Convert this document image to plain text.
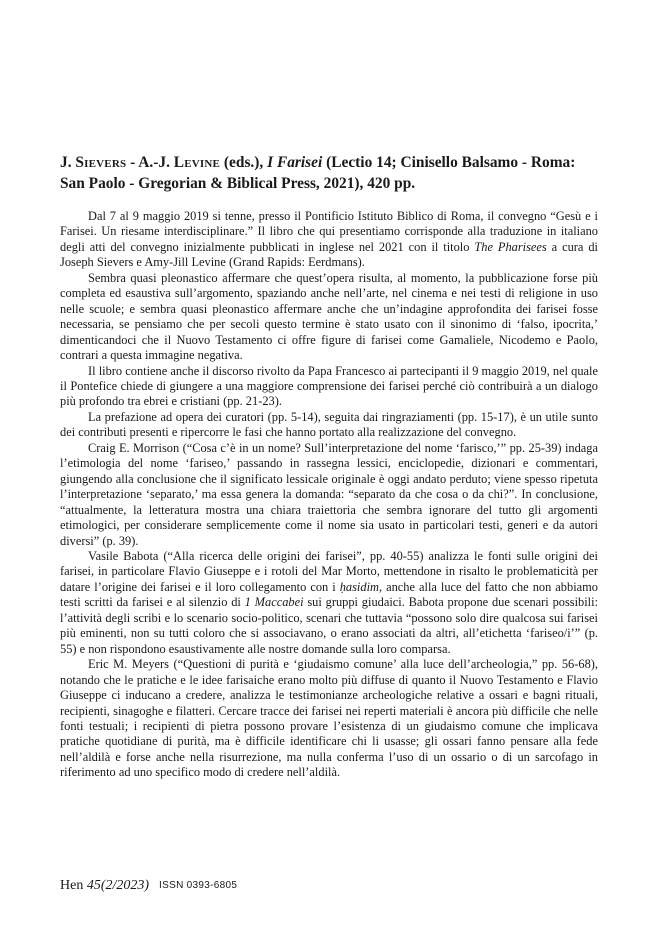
J. Sievers - A.-J. Levine (eds.), I Farisei (Lectio 14; Cinisello Balsamo - Roma: San Paolo - Gregorian & Biblical Press, 2021), 420 pp.

Dal 7 al 9 maggio 2019 si tenne, presso il Pontificio Istituto Biblico di Roma, il convegno “Gesù e i Farisei. Un riesame interdisciplinare.” Il libro che qui presentiamo corrisponde alla traduzione in italiano degli atti del convegno inizialmente pubblicati in inglese nel 2021 con il titolo The Pharisees a cura di Joseph Sievers e Amy-Jill Levine (Grand Rapids: Eerdmans).

Sembra quasi pleonastico affermare che quest’opera risulta, al momento, la pubblicazione forse più completa ed esaustiva sull’argomento, spaziando anche nell’arte, nel cinema e nei testi di religione in uso nelle scuole; e sembra quasi pleonastico affermare anche che un’indagine approfondita dei farisei fosse necessaria, se pensiamo che per secoli questo termine è stato usato con il sinonimo di ‘falso, ipocrita,’ dimenticandoci che il Nuovo Testamento ci offre figure di farisei come Gamaliele, Nicodemo e Paolo, contrari a questa immagine negativa.

Il libro contiene anche il discorso rivolto da Papa Francesco ai partecipanti il 9 maggio 2019, nel quale il Pontefice chiede di giungere a una maggiore comprensione dei farisei perché ciò contribuirà a un dialogo più profondo tra ebrei e cristiani (pp. 21-23).

La prefazione ad opera dei curatori (pp. 5-14), seguita dai ringraziamenti (pp. 15-17), è un utile sunto dei contributi presenti e ripercorre le fasi che hanno portato alla realizzazione del convegno.

Craig E. Morrison (“Cosa c’è in un nome? Sull’interpretazione del nome ‘farisco,’” pp. 25-39) indaga l’etimologia del nome ‘fariseo,’ passando in rassegna lessici, enciclopedie, dizionari e commentari, giungendo alla conclusione che il significato lessicale originale è oggi andato perduto; viene spesso ripetuta l’interpretazione ‘separato,’ ma essa genera la domanda: “separato da che cosa o da chi?”. In conclusione, “attualmente, la letteratura mostra una chiara traiettoria che sembra ignorare del tutto gli argomenti etimologici, per considerare semplicemente come il nome sia usato in particolari testi, generi e da autori diversi” (p. 39).

Vasile Babota (“Alla ricerca delle origini dei farisei”, pp. 40-55) analizza le fonti sulle origini dei farisei, in particolare Flavio Giuseppe e i rotoli del Mar Morto, mettendone in risalto le problematicità per datare l’origine dei farisei e il loro collegamento con i ḥasidim, anche alla luce del fatto che non abbiamo testi scritti da farisei e al silenzio di 1 Maccabei sui gruppi giudaici. Babota propone due scenari possibili: l’attività degli scribi e lo scenario socio-politico, scenari che tuttavia “possono solo dire qualcosa sui farisei più eminenti, non su tutti coloro che si associavano, o erano associati da altri, all’etichetta ‘fariseo/i’” (p. 55) e non rispondono esaustivamente alle nostre domande sulla loro comparsa.

Eric M. Meyers (“Questioni di purità e ‘giudaismo comune’ alla luce dell’archeologia,” pp. 56-68), notando che le pratiche e le idee farisaiche erano molto più diffuse di quanto il Nuovo Testamento e Flavio Giuseppe ci inducano a credere, analizza le testimonianze archeologiche relative a ossari e bagni rituali, recipienti, sinagoghe e filatteri. Cercare tracce dei farisei nei reperti materiali è ancora più difficile che nelle fonti testuali; i recipienti di pietra possono provare l’esistenza di un giudaismo comune che implicava pratiche quotidiane di purità, ma è difficile identificare chi li usasse; gli ossari fanno pensare alla fede nell’aldilà e forse anche nella risurrezione, ma nulla conferma l’uso di un ossario o di un sarcofago in riferimento ad uno specifico modo di credere nell’aldilà.

Hen 45(2/2023) ISSN 0393-6805
